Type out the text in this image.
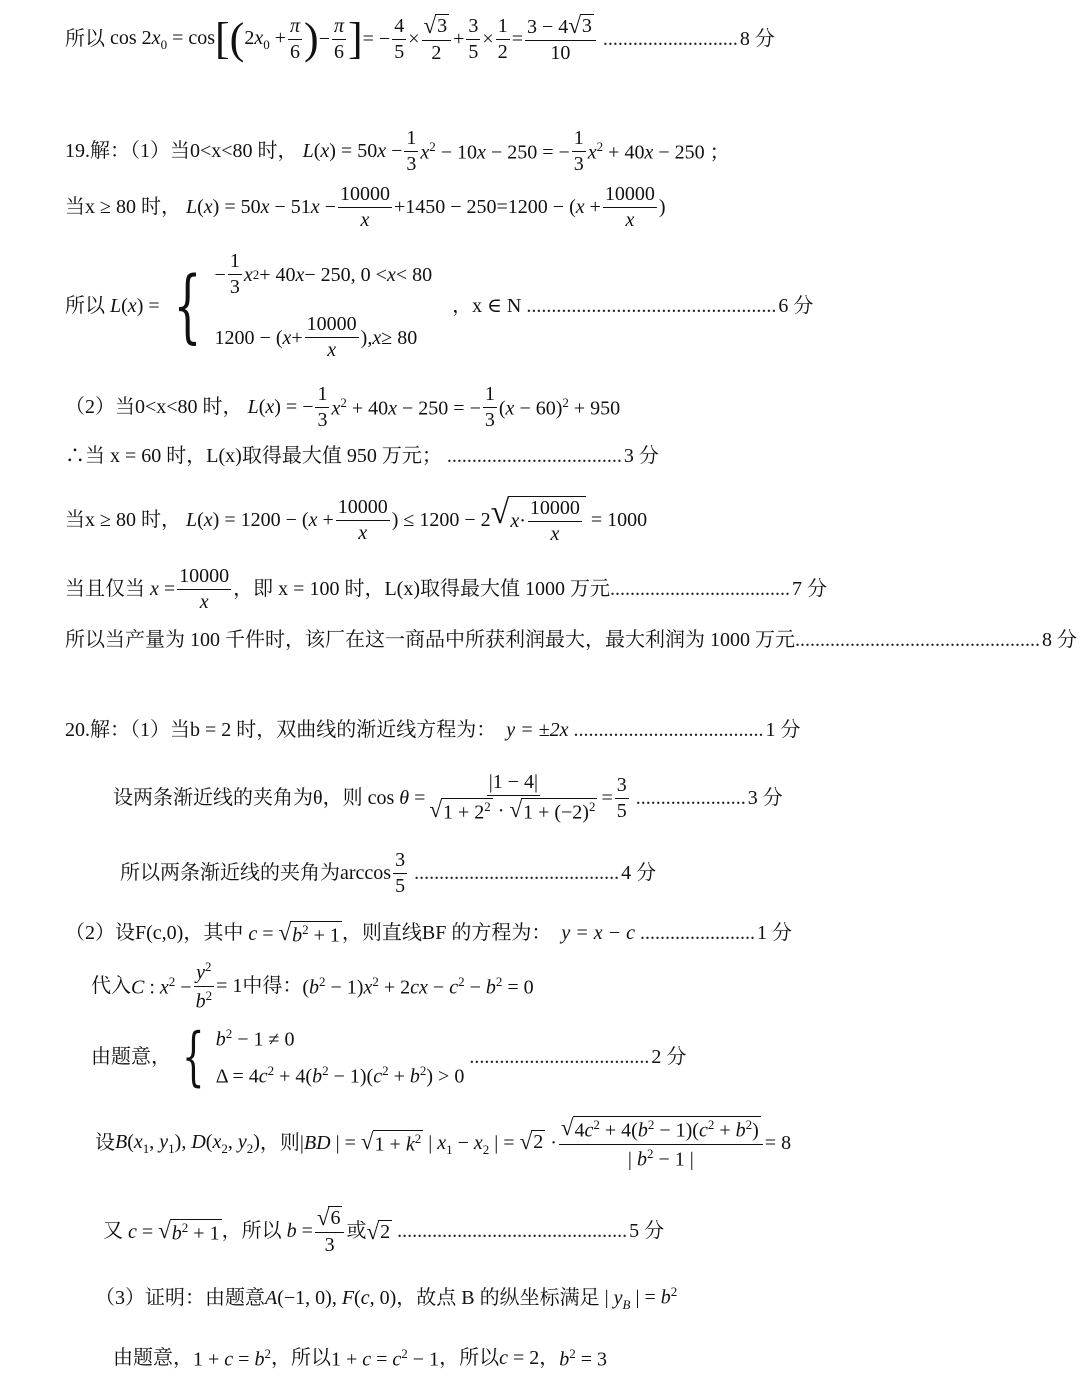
所以 $\cos 2x_0 = \cos$ [ ( $2x_0 + \frac{\pi}{6}$ ) − $\frac{\pi}{6}$ ] = − $\frac{4}{5} \times \frac{√ 3}{2} + \frac{3}{5} \times \frac{1}{2} = \frac{3 - 4 √ 3}{10}$ ........................... 8 分
19.解：（1）当 0<x<80 时， $L(x) = 50x - \frac{1}{3} x^2 - 10x - 250$ = − $\frac{1}{3} x^2 + 40x - 250$ ；
当 x ≥ 80 时， $L(x) = 50x - 51x - \frac{10000}{x} +1450 - 250=1200 - (x + \frac{10000}{x}$ )
所以 L(x) = { − $\frac{1}{3}$ x 2 + 40 x − 250, 0 < x < 80
1200 − ( $x + \frac{10000}{x}$ ), x ≥ 80
，x ∈ N .................................................. 6 分
（2）当 0<x<80 时， L(x) = − $\frac{1}{3} x^2 + 40x - 250$ = − $\frac{1}{3} (x - 60)^2 + 950$
∴当 x = 60 时，L(x)取得最大值 950 万元； ................................... 3 分
当 x ≥ 80 时， $L(x) = 1200 - (x + \frac{10000}{x}$ ) ≤ 1200 − 2 √ $x \cdot \frac{10000}{x} = 1000$
当且仅当 $x = \frac{10000}{x}$ ，即 x = 100 时，L(x)取得最大值 1000 万元 .................................... 7 分
所以当产量为 100 千件时，该厂在这一商品中所获利润最大，最大利润为 1000 万元 ................................................. 8 分
20.解：（1）当 b = 2 时，双曲线的渐近线方程为：
y = ±2x ...................................... 1 分
设两条渐近线的夹角为θ，则 $\cos \theta = \frac{|1 - 4|}{√ 1 + 2^2 \cdot √ 1 + (-2)^2} = \frac{3}{5}$ ...................... 3 分
所以两条渐近线的夹角为 $\arccos \frac{3}{5}$ ......................................... 4 分
（2）设 F(c,0)，其中 c = √ $b^2 + 1$ ，则直线 BF 的方程为：
y = x − c ....................... 1 分
代入 C : $x^2 - \frac{y^2}{b^2} = 1$ 中得： $(b^2 - 1)x^2 + 2cx - c^2 - b^2 = 0$
由题意， { $b^2 - 1 \ne 0$
$\Delta = 4c^2 + 4(b^2 - 1)(c^2 + b^2) > 0$
.................................... 2 分
设 $B(x_1$, $y_1$), $D(x_2$, $y_2$) ，则 |BD | = √ $1 + k^2$ | $x_1 - x_2$ | = √ $2 \cdot \frac{√ 4c^2 + 4(b^2 - 1)(c^2 + b^2)}{| b^2 - 1 |} = 8$
又 c = √ $b^2 + 1$ ，所以 $b = \frac{√ 6}{3}$ 或 √ 2 .............................................. 5 分
（3）证明：由题意 A(−1, 0), F(c, 0) ，故点 B 的纵坐标满足 | $y_B$ | = $b^2$
由题意， $1 + c = b^2$ ，所以 $1 + c = c^2 - 1$ ，所以 c = 2 ， $b^2 = 3$
